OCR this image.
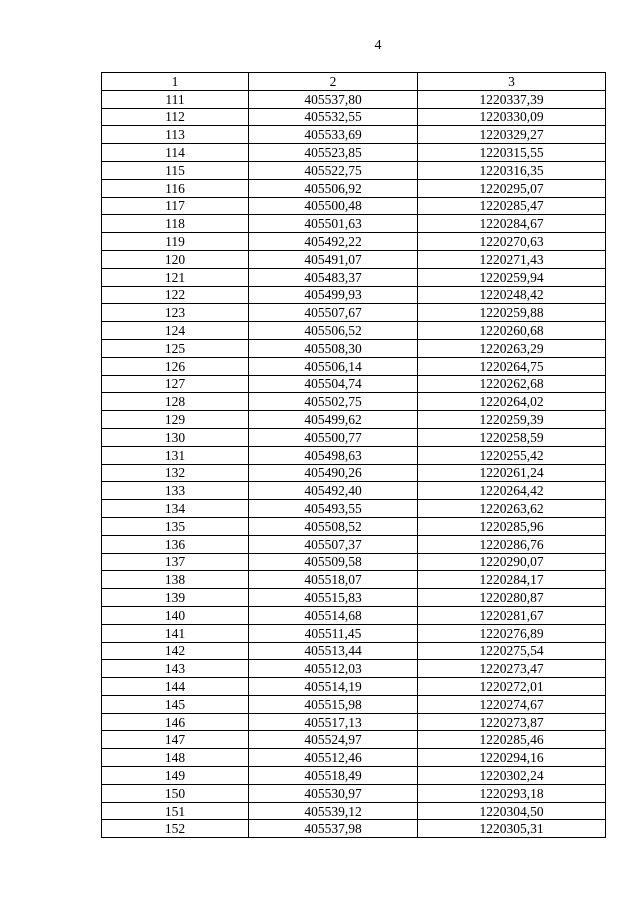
4
1	2	3
111	405537,80	1220337,39
112	405532,55	1220330,09
113	405533,69	1220329,27
114	405523,85	1220315,55
115	405522,75	1220316,35
116	405506,92	1220295,07
117	405500,48	1220285,47
118	405501,63	1220284,67
119	405492,22	1220270,63
120	405491,07	1220271,43
121	405483,37	1220259,94
122	405499,93	1220248,42
123	405507,67	1220259,88
124	405506,52	1220260,68
125	405508,30	1220263,29
126	405506,14	1220264,75
127	405504,74	1220262,68
128	405502,75	1220264,02
129	405499,62	1220259,39
130	405500,77	1220258,59
131	405498,63	1220255,42
132	405490,26	1220261,24
133	405492,40	1220264,42
134	405493,55	1220263,62
135	405508,52	1220285,96
136	405507,37	1220286,76
137	405509,58	1220290,07
138	405518,07	1220284,17
139	405515,83	1220280,87
140	405514,68	1220281,67
141	405511,45	1220276,89
142	405513,44	1220275,54
143	405512,03	1220273,47
144	405514,19	1220272,01
145	405515,98	1220274,67
146	405517,13	1220273,87
147	405524,97	1220285,46
148	405512,46	1220294,16
149	405518,49	1220302,24
150	405530,97	1220293,18
151	405539,12	1220304,50
152	405537,98	1220305,31
